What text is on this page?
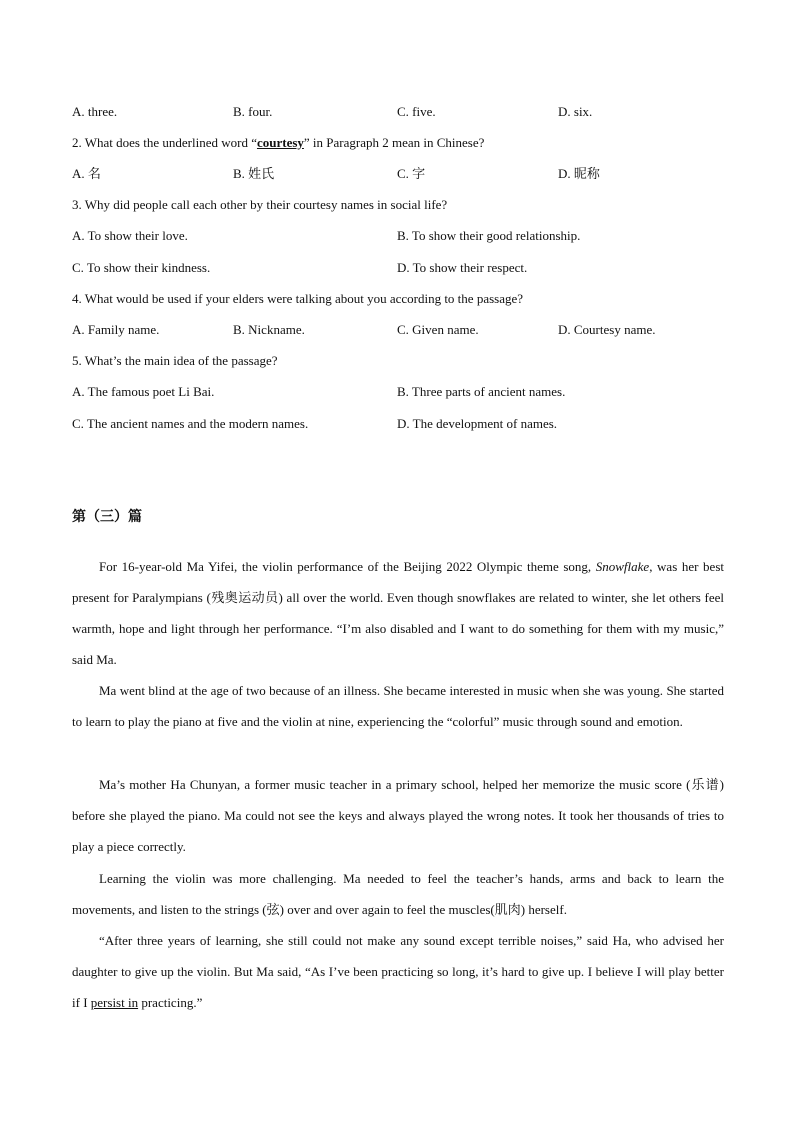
A. three.	B. four.	C. five.	D. six.
2. What does the underlined word “courtesy” in Paragraph 2 mean in Chinese?
A. 名	B. 姓氏	C. 字	D. 昵称
3. Why did people call each other by their courtesy names in social life?
A. To show their love.	B. To show their good relationship.
C. To show their kindness.	D. To show their respect.
4. What would be used if your elders were talking about you according to the passage?
A. Family name.	B. Nickname.	C. Given name.	D. Courtesy name.
5. What’s the main idea of the passage?
A. The famous poet Li Bai.	B. Three parts of ancient names.
C. The ancient names and the modern names.	D. The development of names.
第（三）篇
For 16-year-old Ma Yifei, the violin performance of the Beijing 2022 Olympic theme song, Snowflake, was her best present for Paralympians (残奥运动员) all over the world. Even though snowflakes are related to winter, she let others feel warmth, hope and light through her performance. “I’m also disabled and I want to do something for them with my music,” said Ma.
Ma went blind at the age of two because of an illness. She became interested in music when she was young. She started to learn to play the piano at five and the violin at nine, experiencing the “colorful” music through sound and emotion.
Ma’s mother Ha Chunyan, a former music teacher in a primary school, helped her memorize the music score (乐谱) before she played the piano. Ma could not see the keys and always played the wrong notes. It took her thousands of tries to play a piece correctly.
Learning the violin was more challenging. Ma needed to feel the teacher’s hands, arms and back to learn the movements, and listen to the strings (弦) over and over again to feel the muscles(肌肉) herself.
“After three years of learning, she still could not make any sound except terrible noises,” said Ha, who advised her daughter to give up the violin. But Ma said, “As I’ve been practicing so long, it’s hard to give up. I believe I will play better if I persist in practicing.”
